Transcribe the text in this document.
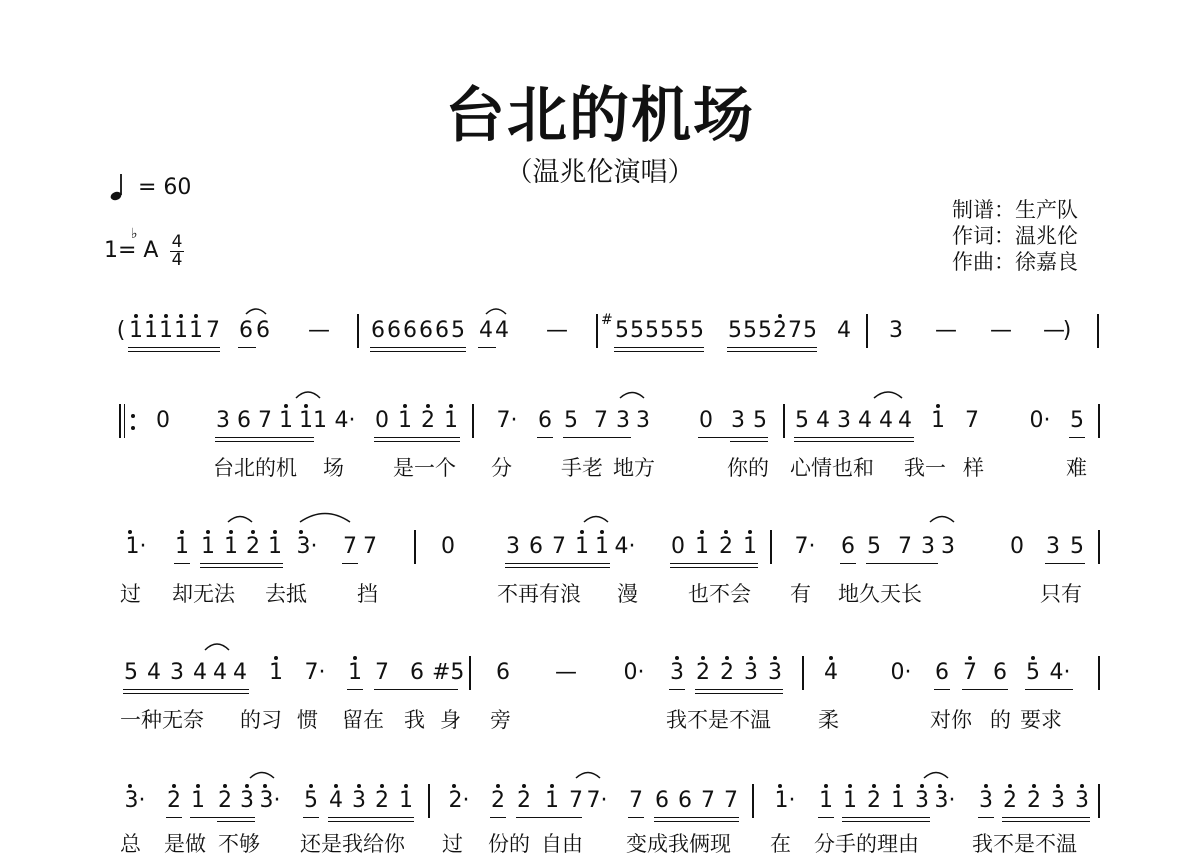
台北的机场
（温兆伦演唱）
= 60
1= A
♭ 4
4
制谱：生产队
作词：温兆伦
作曲：徐嘉良
( 1 1 1 1 1 7 6 6 — 6 6 6 6 6 5 4 4 — # 5 5 5 5 5 5 5 5 5 2 7 5 4 3 — — —
)
0 3 6 7 1 1 1 4· 0 1 2 1 7· 6 5 7 3 3 0 3 5 5 4 3 4 4 4 1 7 0· 5
台北的机 场 是一个 分 手老 地方	你的 心情也和 我一 样	难
1· 1 1 1 2 1 3· 7 7	0 3 6 7 1 1 4· 0 1 2 1 7· 6 5 7 3 3	0 3 5
过 却无法 去抵 挡	不再有浪 漫 也不会 有 地久天长	只有
5 4 3 4 4 4 1 7· 1 7 6 #5 6 — 0· 3 2 2 3 3 4 0· 6 7 6 5 4·
一种无奈 的习 惯 留在 我 身 旁	我不是不温 柔	对你 的 要求
3· 2 1 2 3 3· 5 4 3 2 1 2· 2 2 1 7 7· 7 6 6 7 7 1· 1 1 2 1 3 3· 3 2 2 3 3
总 是做 不够 还是我给你 过 份的 自由 变成我俩现 在 分手的理由	我不是不温
